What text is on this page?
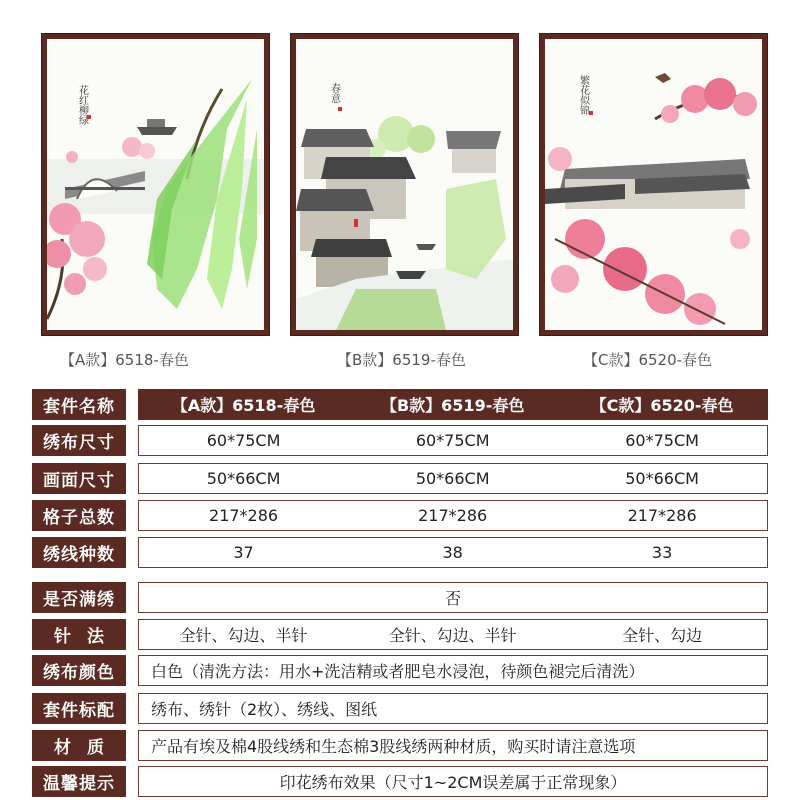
花红柳绿	春意	繁花似锦
【A款】6518-春色	【B款】6519-春色	【C款】6520-春色
套件名称	【A款】6518-春色	【B款】6519-春色	【C款】6520-春色
绣布尺寸	60*75CM	60*75CM	60*75CM
画面尺寸	50*66CM	50*66CM	50*66CM
格子总数	217*286	217*286	217*286
绣线种数	37	38	33
是否满绣	否
针 法	全针、勾边、半针	全针、勾边、半针	全针、勾边
绣布颜色	白色（清洗方法：用水+洗洁精或者肥皂水浸泡，待颜色褪完后清洗）
套件标配	绣布、绣针（2枚）、绣线、图纸
材 质	产品有埃及棉4股线绣和生态棉3股线绣两种材质，购买时请注意选项
温馨提示	印花绣布效果（尺寸1~2CM误差属于正常现象）
